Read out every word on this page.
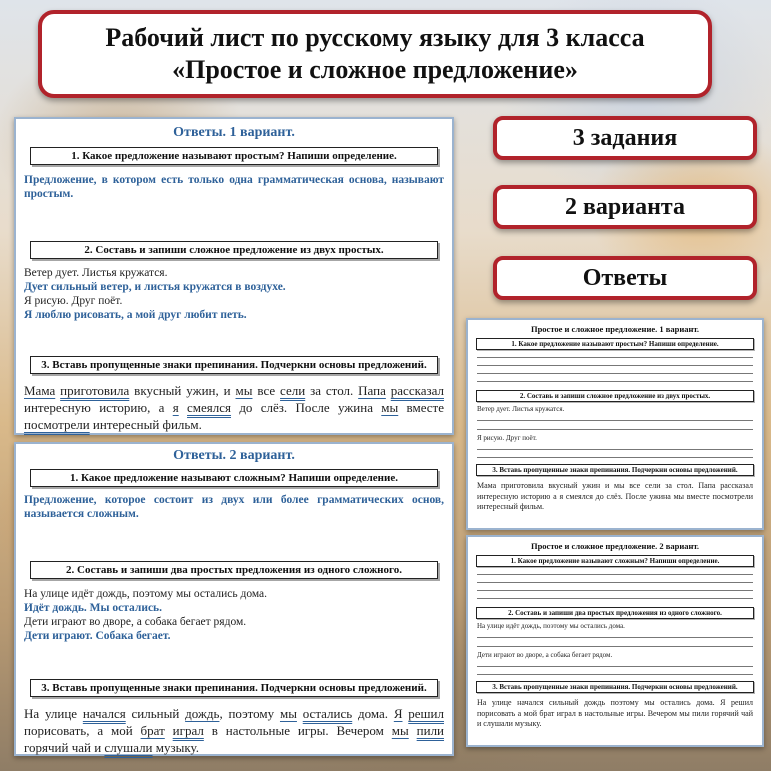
Рабочий лист по русскому языку для 3 класса
«Простое и сложное предложение»
3 задания
2 варианта
Ответы
Ответы. 1 вариант.
1. Какое предложение называют простым? Напиши определение.
Предложение, в котором есть только одна грамматическая основа, называют простым.
2. Составь и запиши сложное предложение из двух простых.
Ветер дует. Листья кружатся.
Дует сильный ветер, и листья кружатся в воздухе.
Я рисую. Друг поёт.
Я люблю рисовать, а мой друг любит петь.
3. Вставь пропущенные знаки препинания. Подчеркни основы предложений.
Мама приготовила вкусный ужин, и мы все сели за стол. Папа рассказал интересную историю, а я смеялся до слёз. После ужина мы вместе посмотрели интересный фильм.
Ответы. 2 вариант.
1. Какое предложение называют сложным? Напиши определение.
Предложение, которое состоит из двух или более грамматических основ, называется сложным.
2. Составь и запиши два простых предложения из одного сложного.
На улице идёт дождь, поэтому мы остались дома.
Идёт дождь. Мы остались.
Дети играют во дворе, а собака бегает рядом.
Дети играют. Собака бегает.
3. Вставь пропущенные знаки препинания. Подчеркни основы предложений.
На улице начался сильный дождь, поэтому мы остались дома. Я решил порисовать, а мой брат играл в настольные игры. Вечером мы пили горячий чай и слушали музыку.
Простое и сложное предложение. 1 вариант.
1. Какое предложение называют простым? Напиши определение.
2. Составь и запиши сложное предложение из двух простых.
Ветер дует. Листья кружатся.
Я рисую. Друг поёт.
3. Вставь пропущенные знаки препинания. Подчеркни основы предложений.
Мама приготовила вкусный ужин и мы все сели за стол. Папа рассказал интересную историю а я смеялся до слёз. После ужина мы вместе посмотрели интересный фильм.
Простое и сложное предложение. 2 вариант.
1. Какое предложение называют сложным? Напиши определение.
2. Составь и запиши два простых предложения из одного сложного.
На улице идёт дождь, поэтому мы остались дома.
Дети играют во дворе, а собака бегает рядом.
3. Вставь пропущенные знаки препинания. Подчеркни основы предложений.
На улице начался сильный дождь поэтому мы остались дома. Я решил порисовать а мой брат играл в настольные игры. Вечером мы пили горячий чай и слушали музыку.
